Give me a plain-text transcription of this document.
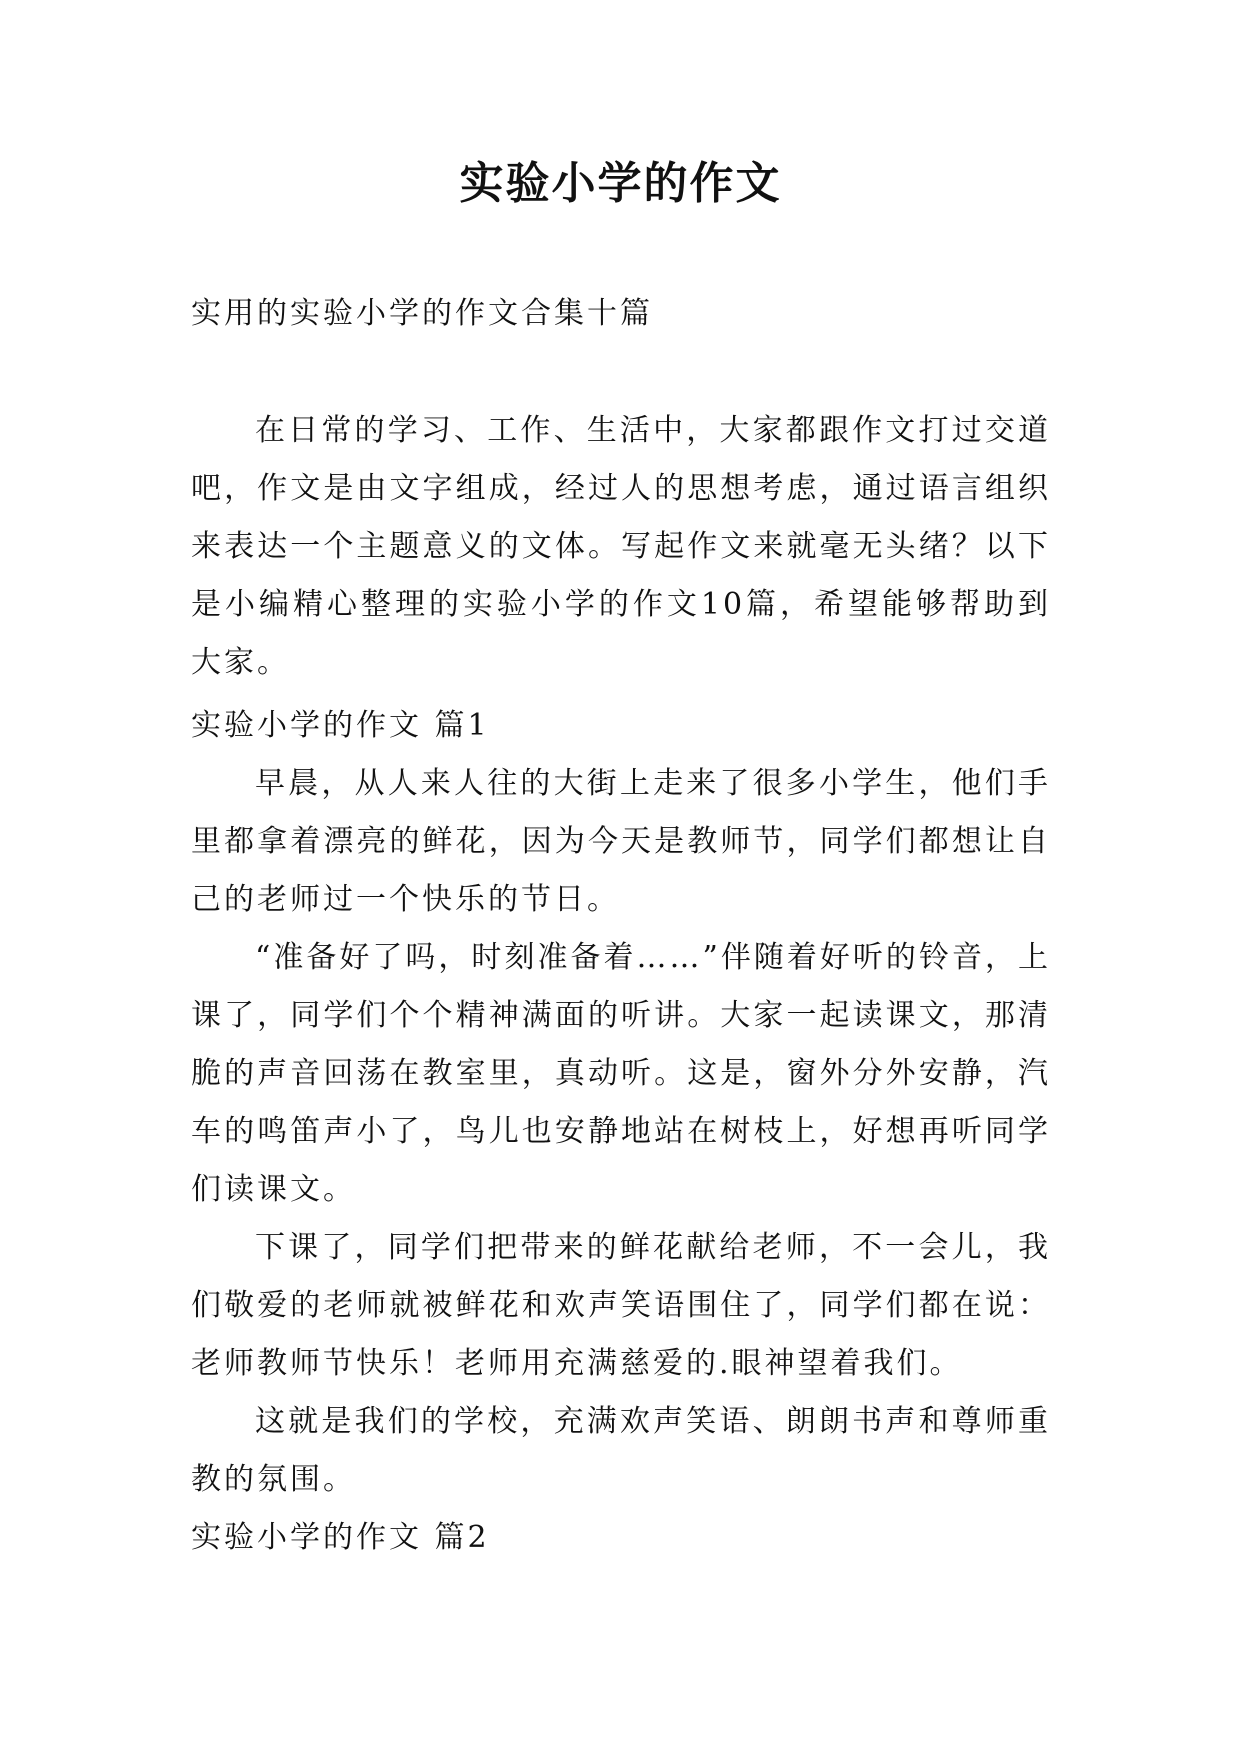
实验小学的作文

实用的实验小学的作文合集十篇

在日常的学习、工作、生活中，大家都跟作文打过交道吧，作文是由文字组成，经过人的思想考虑，通过语言组织来表达一个主题意义的文体。写起作文来就毫无头绪？以下是小编精心整理的实验小学的作文10篇，希望能够帮助到大家。

实验小学的作文 篇1

早晨，从人来人往的大街上走来了很多小学生，他们手里都拿着漂亮的鲜花，因为今天是教师节，同学们都想让自己的老师过一个快乐的节日。

“准备好了吗，时刻准备着……”伴随着好听的铃音，上课了，同学们个个精神满面的听讲。大家一起读课文，那清脆的声音回荡在教室里，真动听。这是，窗外分外安静，汽车的鸣笛声小了，鸟儿也安静地站在树枝上，好想再听同学们读课文。

下课了，同学们把带来的鲜花献给老师，不一会儿，我们敬爱的老师就被鲜花和欢声笑语围住了，同学们都在说：老师教师节快乐！老师用充满慈爱的.眼神望着我们。

这就是我们的学校，充满欢声笑语、朗朗书声和尊师重教的氛围。

实验小学的作文 篇2
